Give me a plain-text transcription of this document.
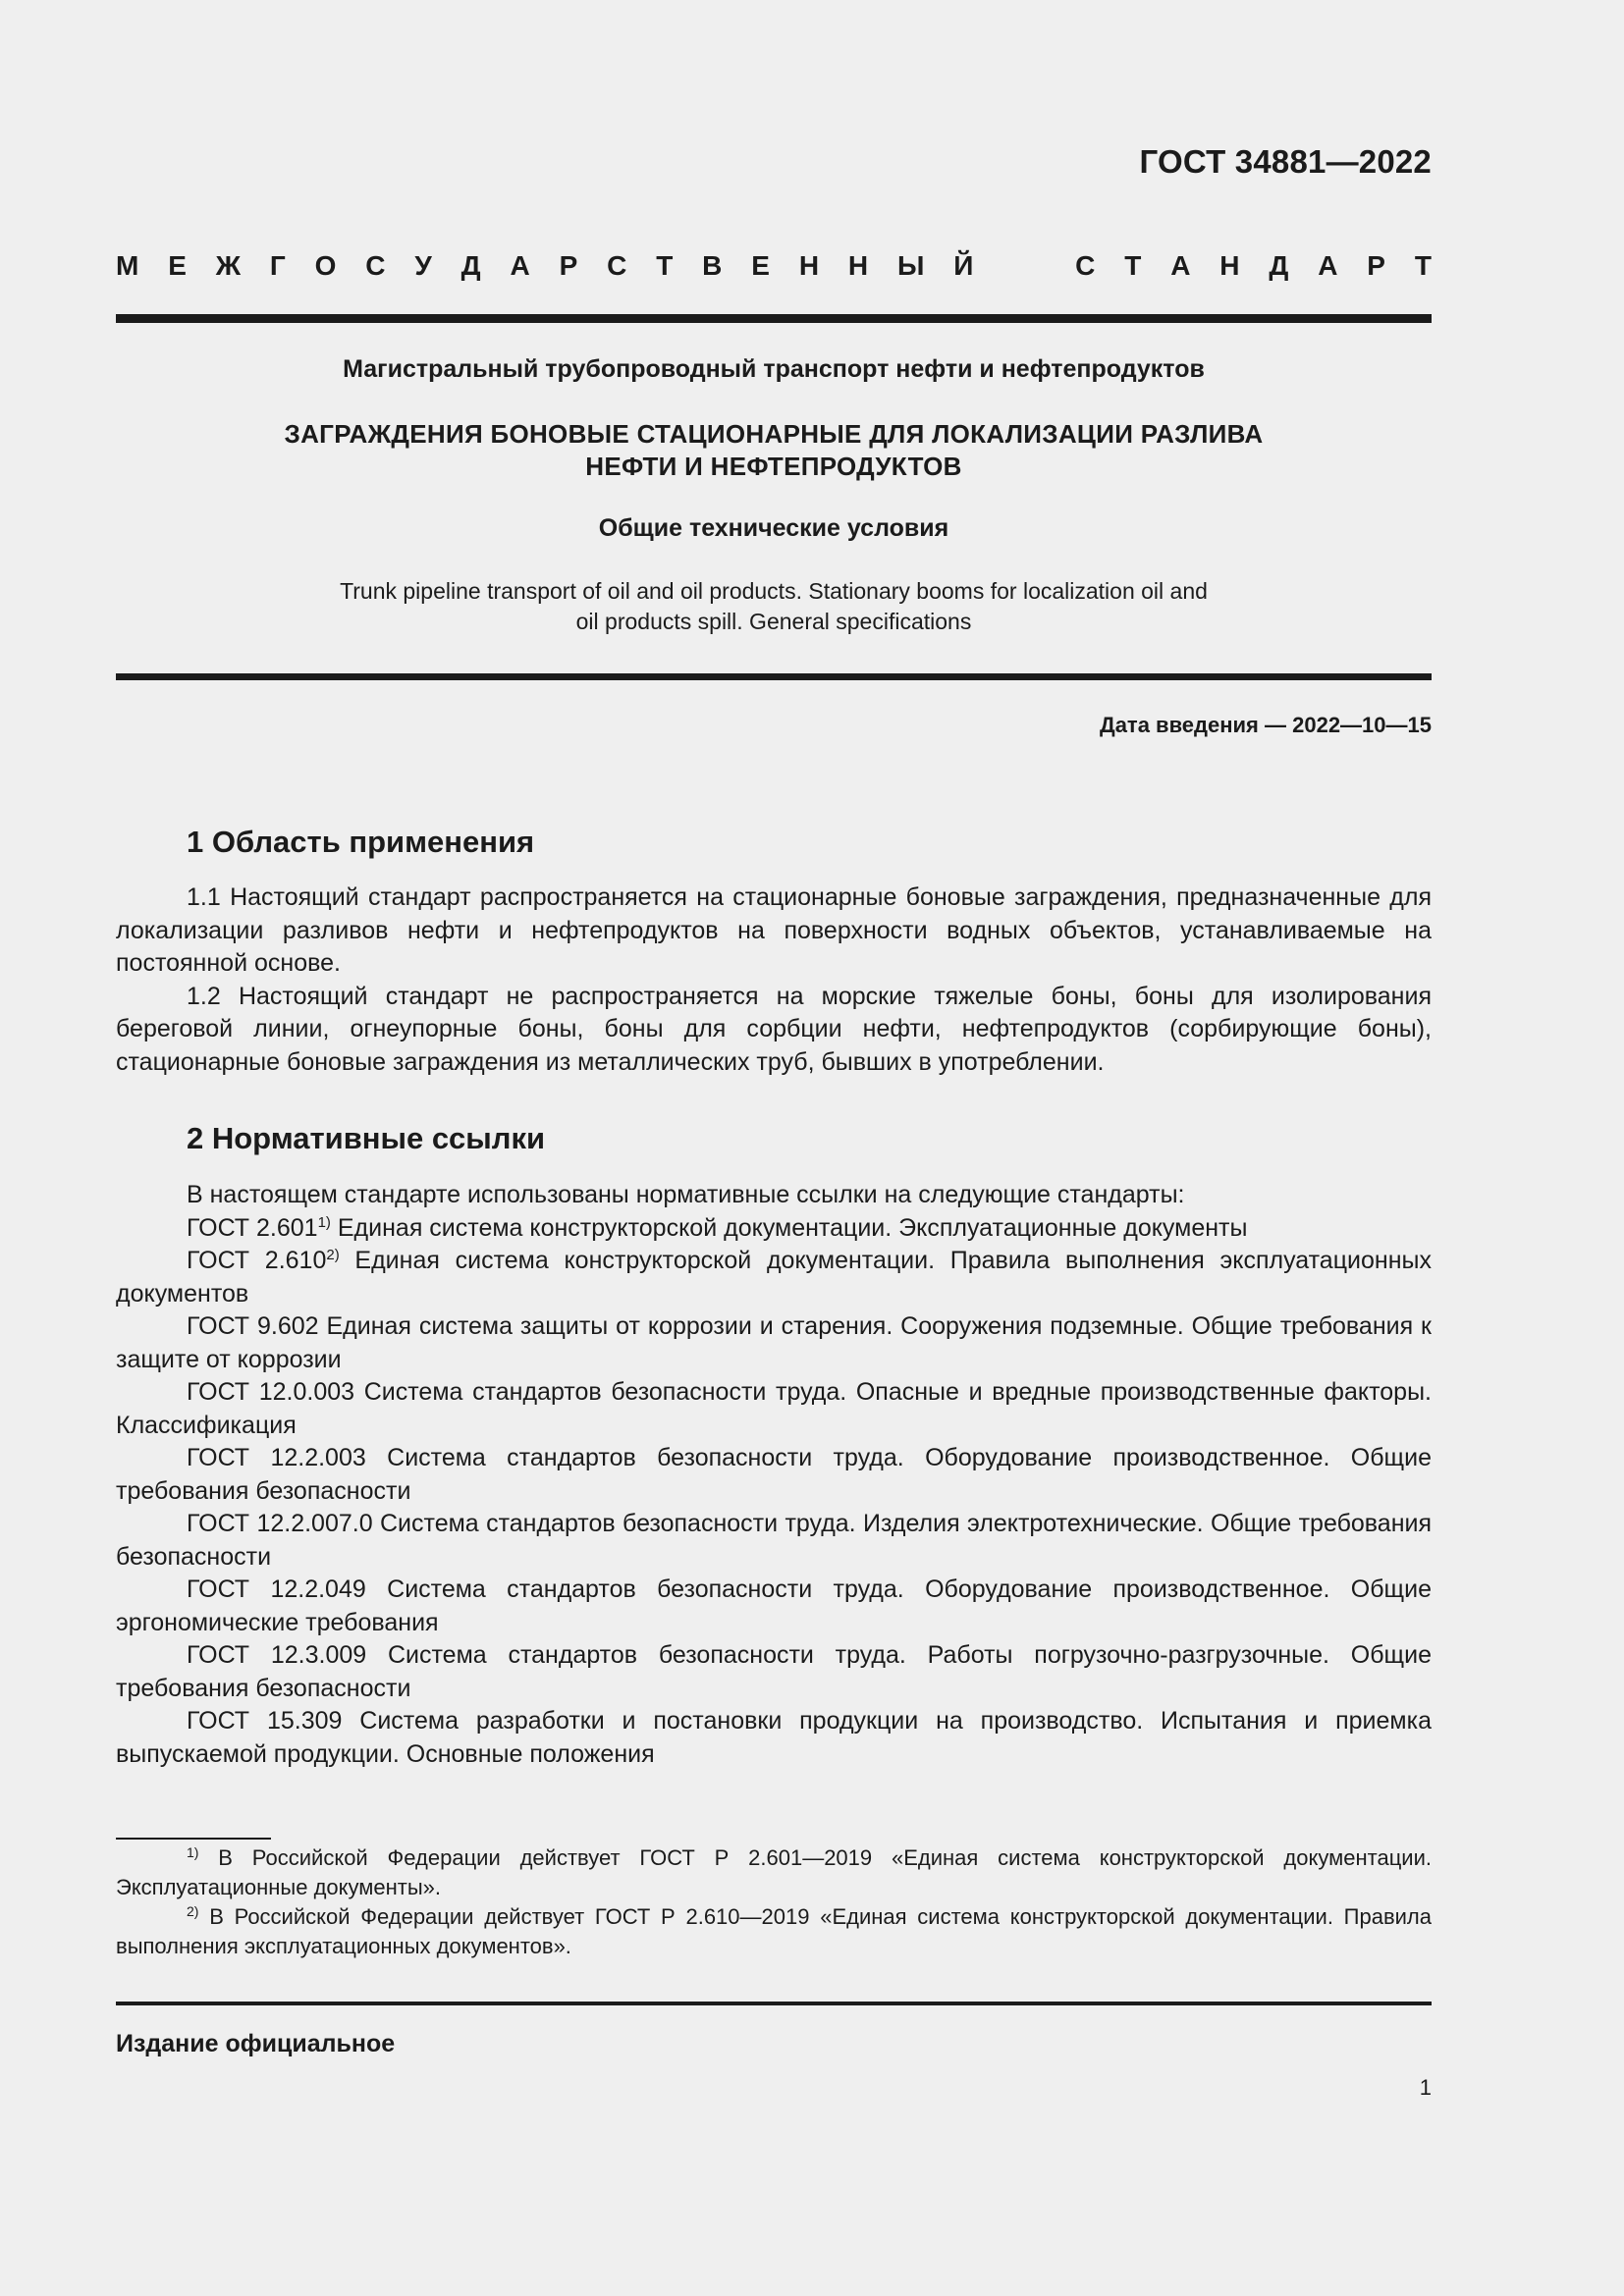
ГОСТ 34881—2022
М Е Ж Г О С У Д А Р С Т В Е Н Н Ы Й	С Т А Н Д А Р Т
Магистральный трубопроводный транспорт нефти и нефтепродуктов
ЗАГРАЖДЕНИЯ БОНОВЫЕ СТАЦИОНАРНЫЕ ДЛЯ ЛОКАЛИЗАЦИИ РАЗЛИВА
НЕФТИ И НЕФТЕПРОДУКТОВ
Общие технические условия
Trunk pipeline transport of oil and oil products. Stationary booms for localization oil and
oil products spill. General specifications
Дата введения — 2022—10—15
1 Область применения

1.1 Настоящий стандарт распространяется на стационарные боновые заграждения, предназначенные для локализации разливов нефти и нефтепродуктов на поверхности водных объектов, устанавливаемые на постоянной основе.

1.2 Настоящий стандарт не распространяется на морские тяжелые боны, боны для изолирования береговой линии, огнеупорные боны, боны для сорбции нефти, нефтепродуктов (сорбирующие боны), стационарные боновые заграждения из металлических труб, бывших в употреблении.

2 Нормативные ссылки

В настоящем стандарте использованы нормативные ссылки на следующие стандарты:

ГОСТ 2.601$^{1)}$ Единая система конструкторской документации. Эксплуатационные документы

ГОСТ 2.610$^{2)}$ Единая система конструкторской документации. Правила выполнения эксплуатационных документов

ГОСТ 9.602 Единая система защиты от коррозии и старения. Сооружения подземные. Общие требования к защите от коррозии

ГОСТ 12.0.003 Система стандартов безопасности труда. Опасные и вредные производственные факторы. Классификация

ГОСТ 12.2.003 Система стандартов безопасности труда. Оборудование производственное. Общие требования безопасности

ГОСТ 12.2.007.0 Система стандартов безопасности труда. Изделия электротехнические. Общие требования безопасности

ГОСТ 12.2.049 Система стандартов безопасности труда. Оборудование производственное. Общие эргономические требования

ГОСТ 12.3.009 Система стандартов безопасности труда. Работы погрузочно-разгрузочные. Общие требования безопасности

ГОСТ 15.309 Система разработки и постановки продукции на производство. Испытания и приемка выпускаемой продукции. Основные положения

$^{1)}$ В Российской Федерации действует ГОСТ Р 2.601—2019 «Единая система конструкторской документации. Эксплуатационные документы».

$^{2)}$ В Российской Федерации действует ГОСТ Р 2.610—2019 «Единая система конструкторской документации. Правила выполнения эксплуатационных документов».

Издание официальное
1
